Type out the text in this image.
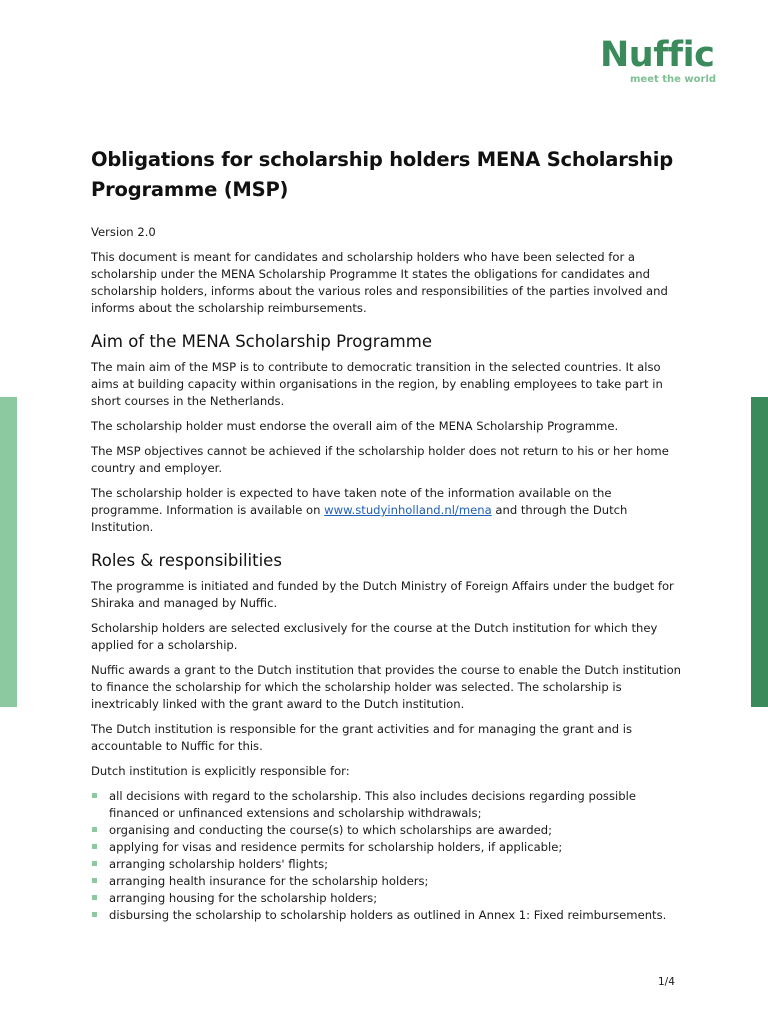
Nuffic
meet the world
Obligations for scholarship holders MENA Scholarship Programme (MSP)

Version 2.0

This document is meant for candidates and scholarship holders who have been selected for a scholarship under the MENA Scholarship Programme It states the obligations for candidates and scholarship holders, informs about the various roles and responsibilities of the parties involved and informs about the scholarship reimbursements.

Aim of the MENA Scholarship Programme

The main aim of the MSP is to contribute to democratic transition in the selected countries. It also aims at building capacity within organisations in the region, by enabling employees to take part in short courses in the Netherlands.

The scholarship holder must endorse the overall aim of the MENA Scholarship Programme.

The MSP objectives cannot be achieved if the scholarship holder does not return to his or her home country and employer.

The scholarship holder is expected to have taken note of the information available on the programme. Information is available on www.studyinholland.nl/mena and through the Dutch Institution.

Roles & responsibilities

The programme is initiated and funded by the Dutch Ministry of Foreign Affairs under the budget for Shiraka and managed by Nuffic.

Scholarship holders are selected exclusively for the course at the Dutch institution for which they applied for a scholarship.

Nuffic awards a grant to the Dutch institution that provides the course to enable the Dutch institution to finance the scholarship for which the scholarship holder was selected. The scholarship is inextricably linked with the grant award to the Dutch institution.

The Dutch institution is responsible for the grant activities and for managing the grant and is accountable to Nuffic for this.

Dutch institution is explicitly responsible for:

all decisions with regard to the scholarship. This also includes decisions regarding possible financed or unfinanced extensions and scholarship withdrawals;
organising and conducting the course(s) to which scholarships are awarded;
applying for visas and residence permits for scholarship holders, if applicable;
arranging scholarship holders' flights;
arranging health insurance for the scholarship holders;
arranging housing for the scholarship holders;
disbursing the scholarship to scholarship holders as outlined in Annex 1: Fixed reimbursements.
1/4
